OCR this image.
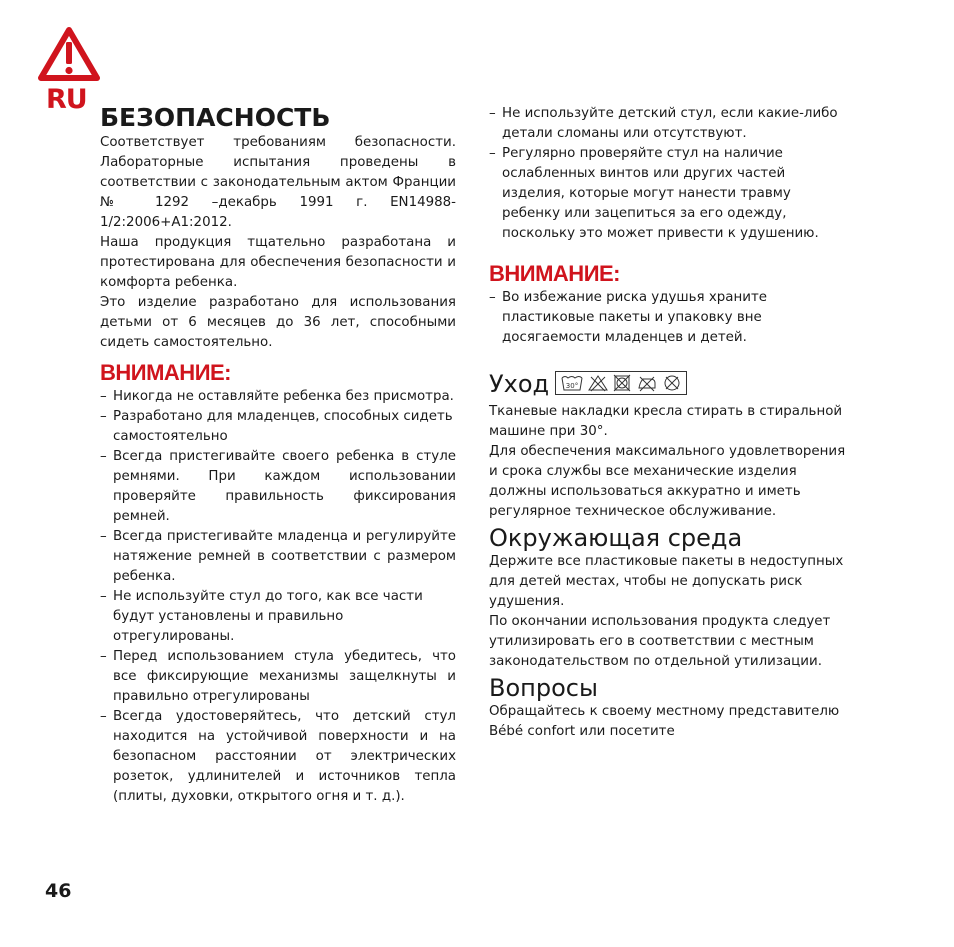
RU
БЕЗОПАСНОСТЬ

Соответствует требованиям безопасности. Лабораторные испытания проведены в соответствии с законодательным актом Франции № 1292 –декабрь 1991 г. EN14988-1/2:2006+A1:2012.

Наша продукция тщательно разработана и протестирована для обеспечения безопасности и комфорта ребенка.

Это изделие разработано для использования детьми от 6 месяцев до 36 лет, способными сидеть самостоятельно.

ВНИМАНИЕ:
– Никогда не оставляйте ребенка без присмотра.
– Разработано для младенцев, способных сидеть самостоятельно
– Всегда пристегивайте своего ребенка в стуле ремнями. При каждом использовании проверяйте правильность фиксирования ремней.
– Всегда пристегивайте младенца и регулируйте натяжение ремней в соответствии с размером ребенка.
– Не используйте стул до того, как все части будут установлены и правильно отрегулированы.
– Перед использованием стула убедитесь, что все фиксирующие механизмы защелкнуты и правильно отрегулированы
– Всегда удостоверяйтесь, что детский стул находится на устойчивой поверхности и на безопасном расстоянии от электрических розеток, удлинителей и источников тепла (плиты, духовки, открытого огня и т. д.).
– Не используйте детский стул, если какие-либо детали сломаны или отсутствуют.
– Регулярно проверяйте стул на наличие ослабленных винтов или других частей изделия, которые могут нанести травму ребенку или зацепиться за его одежду, поскольку это может привести к удушению.
ВНИМАНИЕ:
– Во избежание риска удушья храните пластиковые пакеты и упаковку вне досягаемости младенцев и детей.
Уход 30°

Тканевые накладки кресла стирать в стиральной машине при 30°.

Для обеспечения максимального удовлетворения и срока службы все механические изделия должны использоваться аккуратно и иметь регулярное техническое обслуживание.

Окружающая среда

Держите все пластиковые пакеты в недоступных для детей местах, чтобы не допускать риск удушения.

По окончании использования продукта следует утилизировать его в соответствии с местным законодательством по отдельной утилизации.

Вопросы

Обращайтесь к своему местному представителю Bébé confort или посетите

46
